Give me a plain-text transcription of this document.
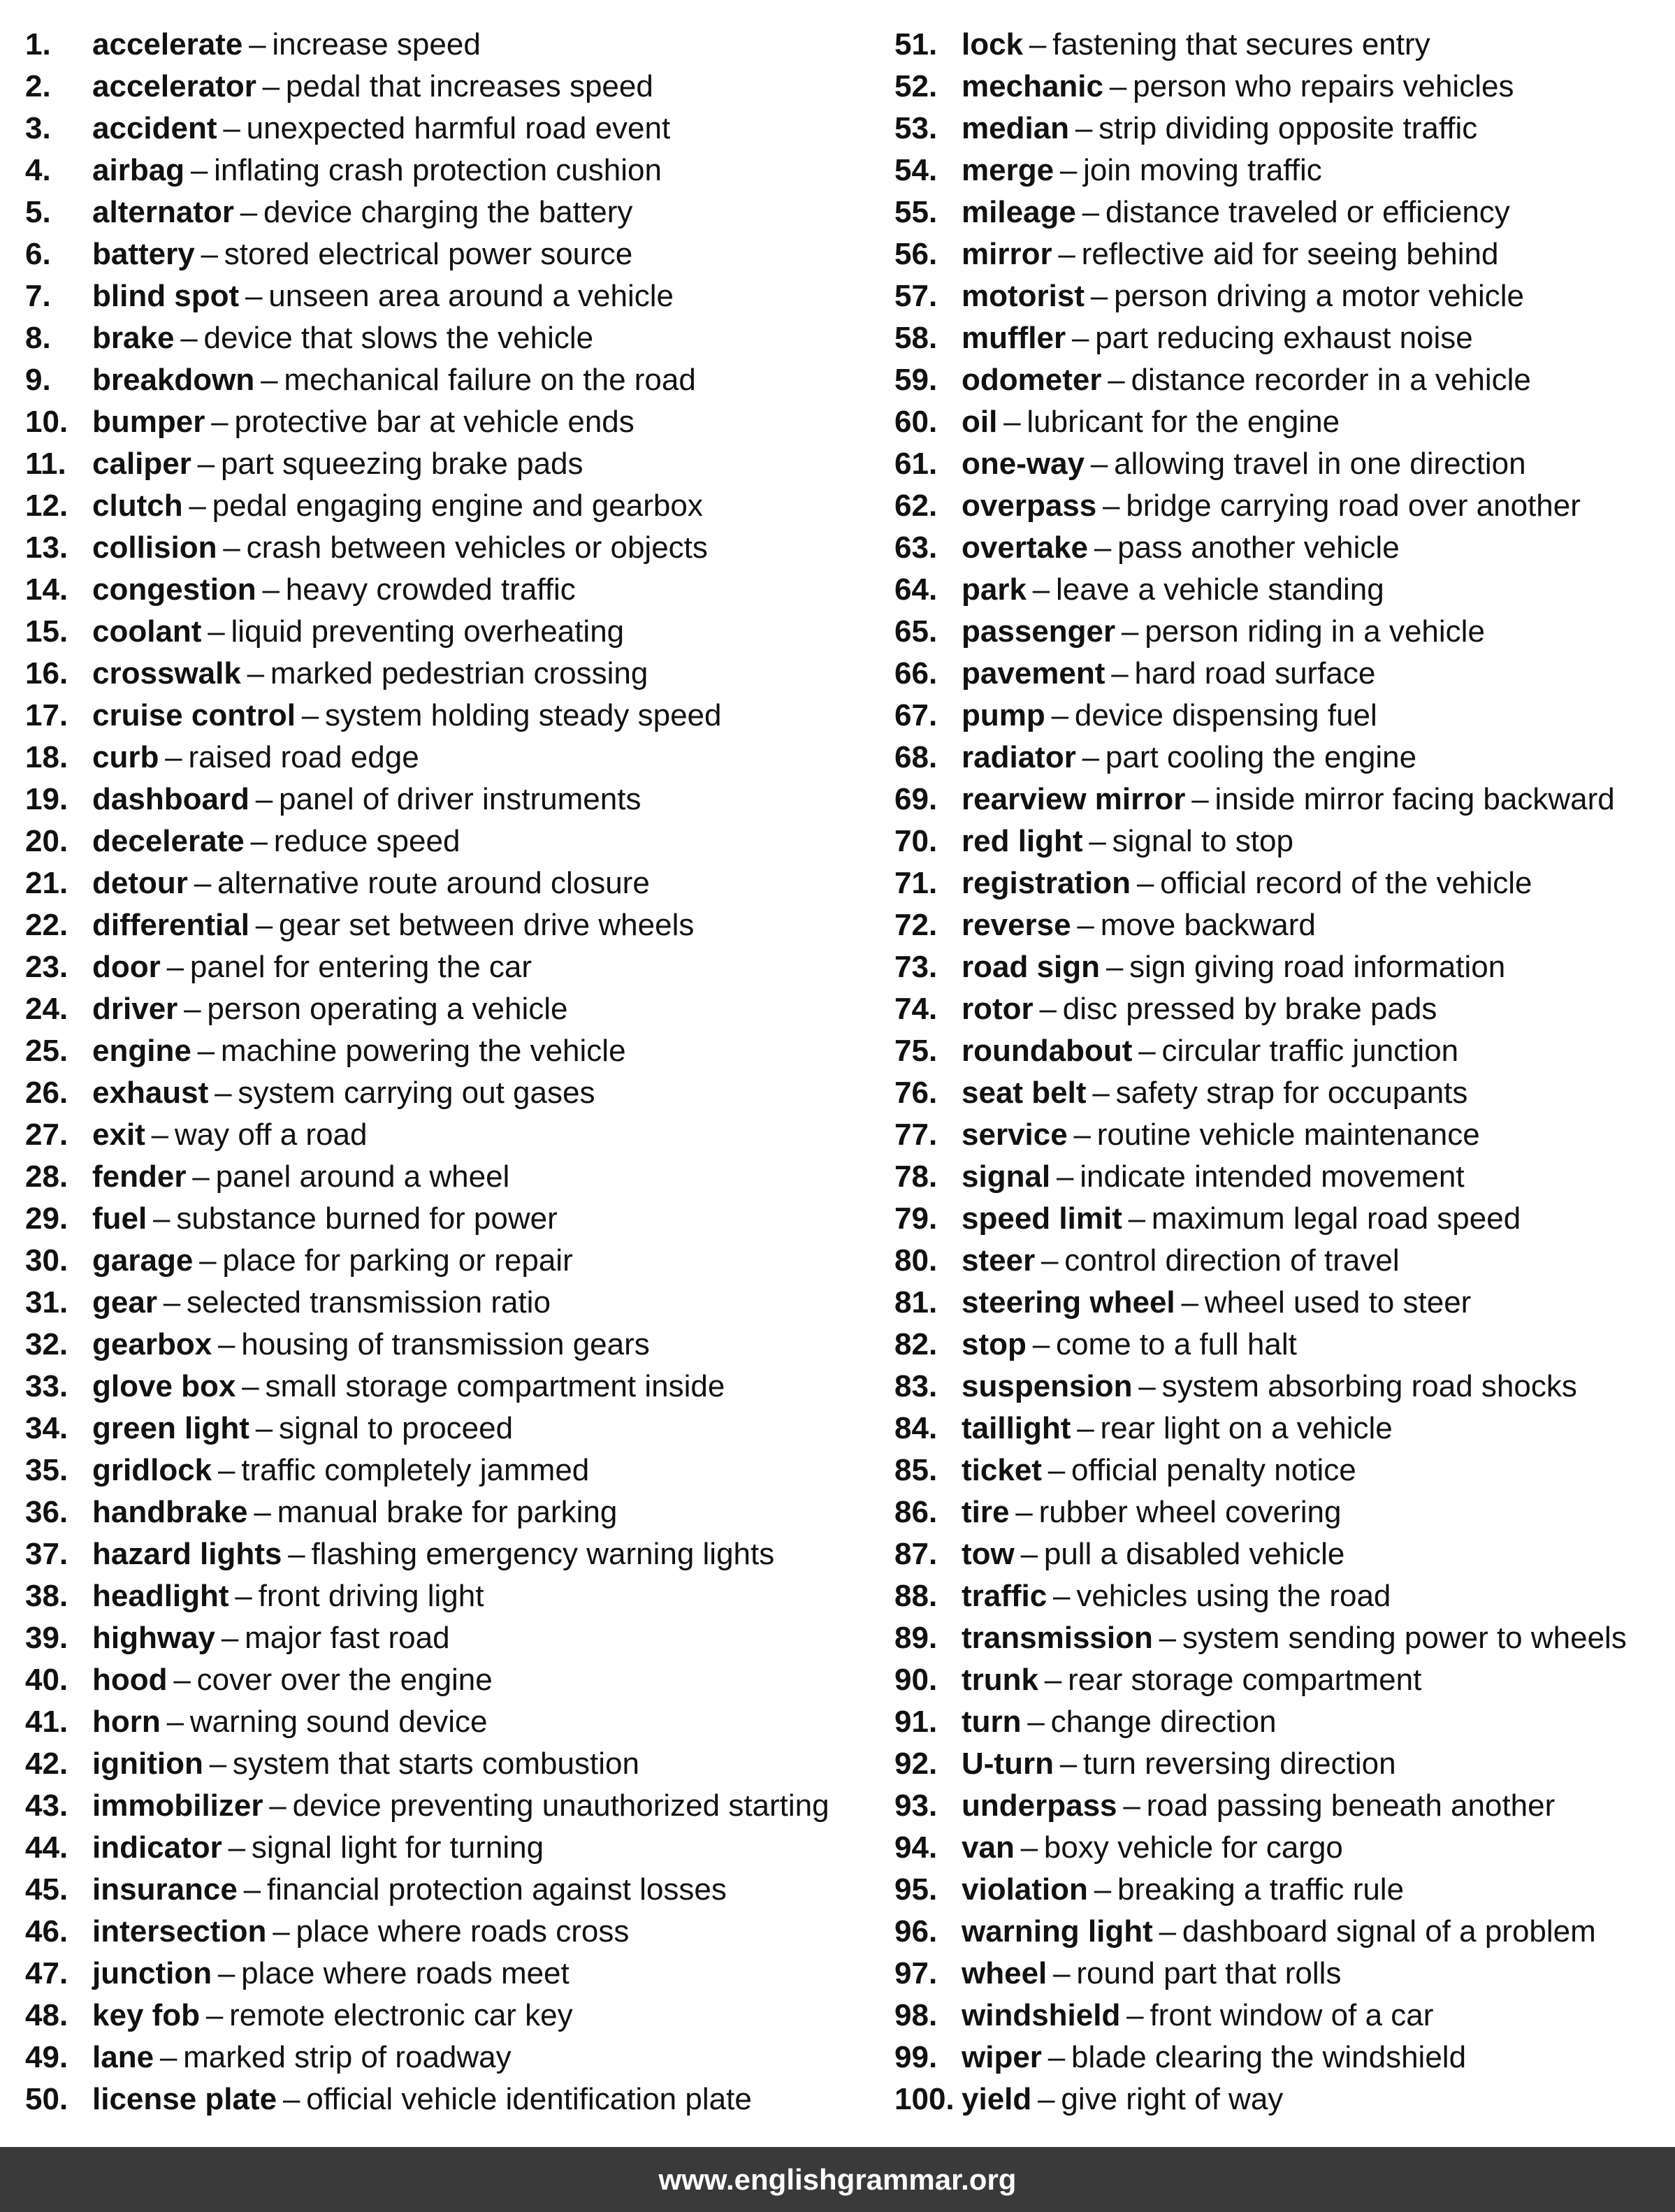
1.	accelerate – increase speed
2.	accelerator – pedal that increases speed
3.	accident – unexpected harmful road event
4.	airbag – inflating crash protection cushion
5.	alternator – device charging the battery
6.	battery – stored electrical power source
7.	blind spot – unseen area around a vehicle
8.	brake – device that slows the vehicle
9.	breakdown – mechanical failure on the road
10. bumper – protective bar at vehicle ends
11. caliper – part squeezing brake pads
12. clutch – pedal engaging engine and gearbox
13. collision – crash between vehicles or objects
14. congestion – heavy crowded traffic
15. coolant – liquid preventing overheating
16. crosswalk – marked pedestrian crossing
17. cruise control – system holding steady speed
18. curb – raised road edge
19. dashboard – panel of driver instruments
20. decelerate – reduce speed
21. detour – alternative route around closure
22. differential – gear set between drive wheels
23. door – panel for entering the car
24. driver – person operating a vehicle
25. engine – machine powering the vehicle
26. exhaust – system carrying out gases
27. exit – way off a road
28. fender – panel around a wheel
29. fuel – substance burned for power
30. garage – place for parking or repair
31. gear – selected transmission ratio
32. gearbox – housing of transmission gears
33. glove box – small storage compartment inside
34. green light – signal to proceed
35. gridlock – traffic completely jammed
36. handbrake – manual brake for parking
37. hazard lights – flashing emergency warning lights
38. headlight – front driving light
39. highway – major fast road
40. hood – cover over the engine
41. horn – warning sound device
42. ignition – system that starts combustion
43. immobilizer – device preventing unauthorized starting
44. indicator – signal light for turning
45. insurance – financial protection against losses
46. intersection – place where roads cross
47. junction – place where roads meet
48. key fob – remote electronic car key
49. lane – marked strip of roadway
50. license plate – official vehicle identification plate
51. lock – fastening that secures entry
52. mechanic – person who repairs vehicles
53. median – strip dividing opposite traffic
54. merge – join moving traffic
55. mileage – distance traveled or efficiency
56. mirror – reflective aid for seeing behind
57. motorist – person driving a motor vehicle
58. muffler – part reducing exhaust noise
59. odometer – distance recorder in a vehicle
60. oil – lubricant for the engine
61. one-way – allowing travel in one direction
62. overpass – bridge carrying road over another
63. overtake – pass another vehicle
64. park – leave a vehicle standing
65. passenger – person riding in a vehicle
66. pavement – hard road surface
67. pump – device dispensing fuel
68. radiator – part cooling the engine
69. rearview mirror – inside mirror facing backward
70. red light – signal to stop
71. registration – official record of the vehicle
72. reverse – move backward
73. road sign – sign giving road information
74. rotor – disc pressed by brake pads
75. roundabout – circular traffic junction
76. seat belt – safety strap for occupants
77. service – routine vehicle maintenance
78. signal – indicate intended movement
79. speed limit – maximum legal road speed
80. steer – control direction of travel
81. steering wheel – wheel used to steer
82. stop – come to a full halt
83. suspension – system absorbing road shocks
84. taillight – rear light on a vehicle
85. ticket – official penalty notice
86. tire – rubber wheel covering
87. tow – pull a disabled vehicle
88. traffic – vehicles using the road
89. transmission – system sending power to wheels
90. trunk – rear storage compartment
91. turn – change direction
92. U-turn – turn reversing direction
93. underpass – road passing beneath another
94. van – boxy vehicle for cargo
95. violation – breaking a traffic rule
96. warning light – dashboard signal of a problem
97. wheel – round part that rolls
98. windshield – front window of a car
99. wiper – blade clearing the windshield
100. yield – give right of way
www.englishgrammar.org
